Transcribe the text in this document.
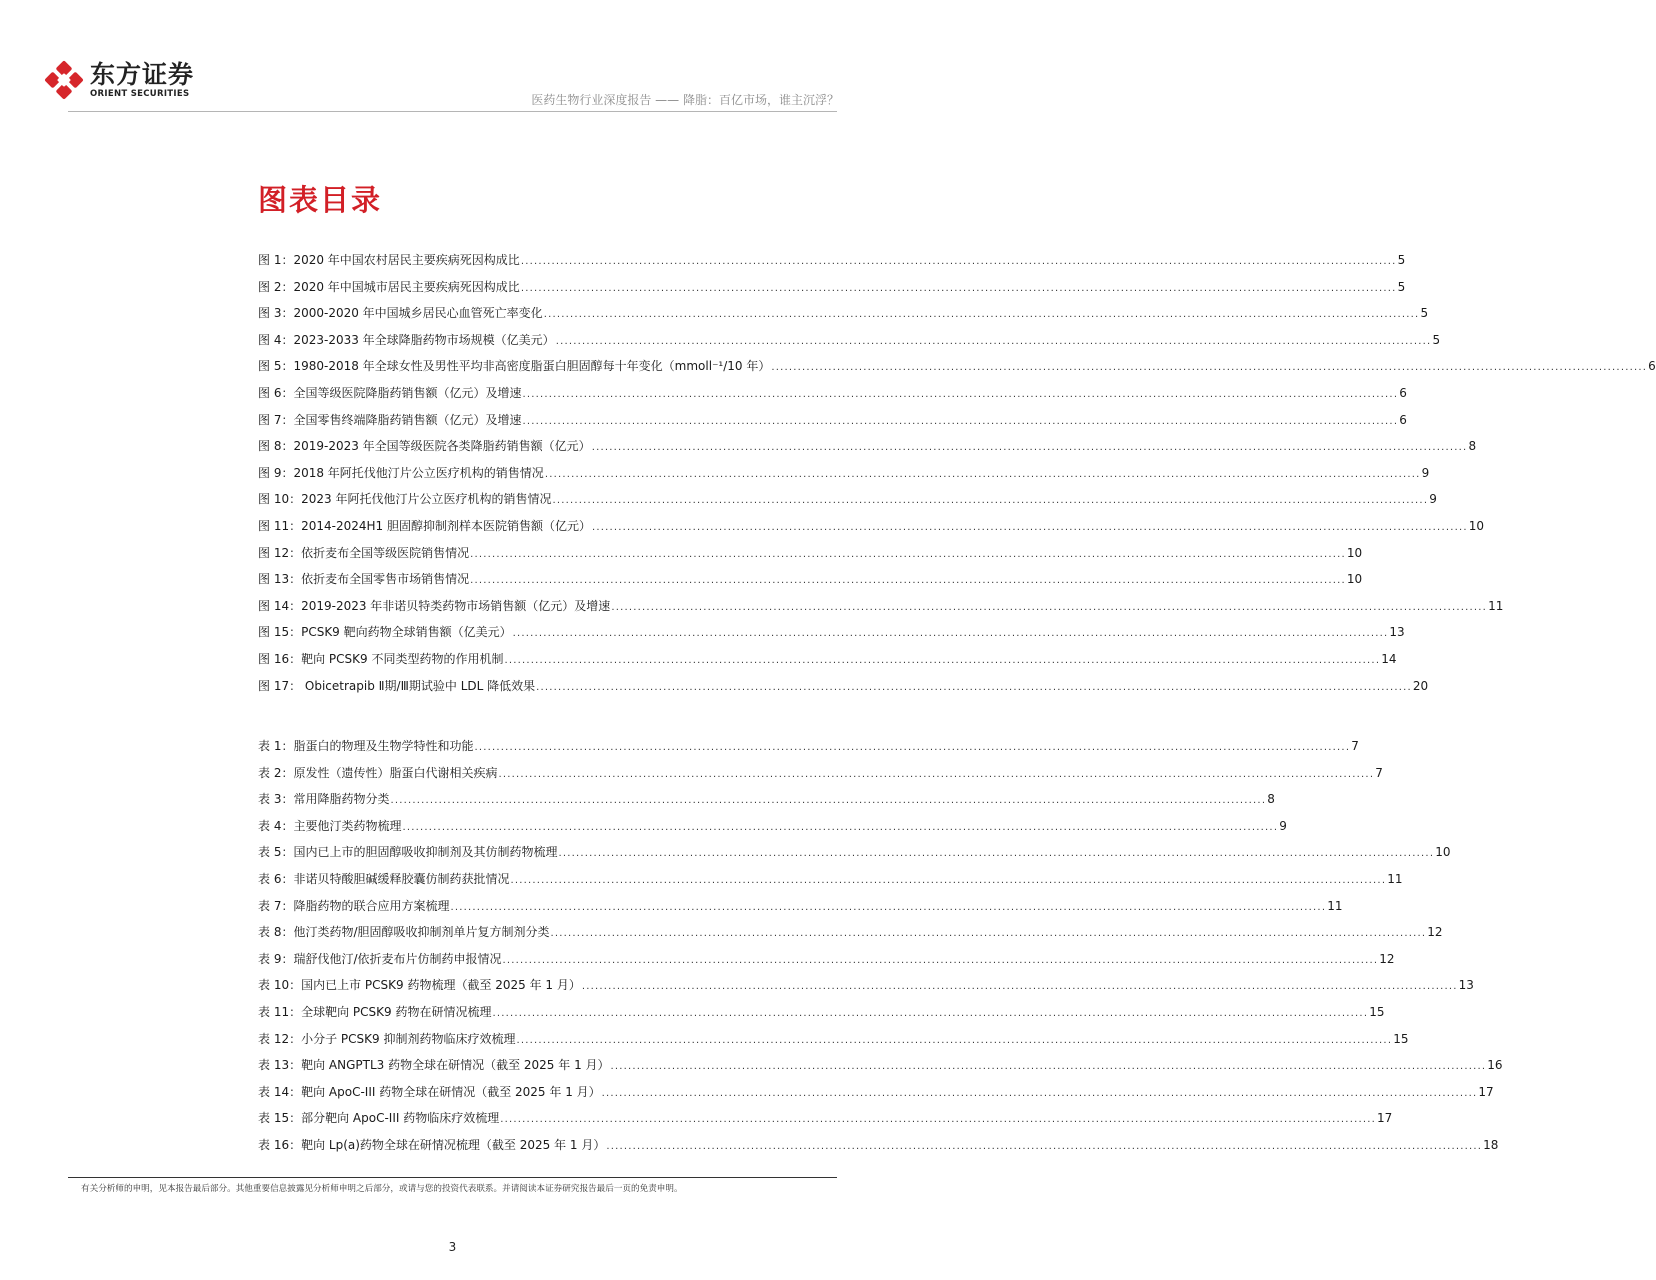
东方证券
ORIENT SECURITIES	医药生物行业深度报告 —— 降脂：百亿市场，谁主沉浮？
图表目录
图 1：2020 年中国农村居民主要疾病死因构成比 ........................................................................................................................................................................................................ 5
图 2：2020 年中国城市居民主要疾病死因构成比 ........................................................................................................................................................................................................ 5
图 3：2000-2020 年中国城乡居民心血管死亡率变化 ........................................................................................................................................................................................................ 5
图 4：2023-2033 年全球降脂药物市场规模（亿美元） ........................................................................................................................................................................................................ 5
图 5：1980-2018 年全球女性及男性平均非高密度脂蛋白胆固醇每十年变化（mmoll⁻¹/10 年） ........................................................................................................................................................................................................ 6
图 6：全国等级医院降脂药销售额（亿元）及增速 ........................................................................................................................................................................................................ 6
图 7：全国零售终端降脂药销售额（亿元）及增速 ........................................................................................................................................................................................................ 6
图 8：2019-2023 年全国等级医院各类降脂药销售额（亿元） ........................................................................................................................................................................................................ 8
图 9：2018 年阿托伐他汀片公立医疗机构的销售情况 ........................................................................................................................................................................................................ 9
图 10：2023 年阿托伐他汀片公立医疗机构的销售情况 ........................................................................................................................................................................................................ 9
图 11：2014-2024H1 胆固醇抑制剂样本医院销售额（亿元） ........................................................................................................................................................................................................ 10
图 12：依折麦布全国等级医院销售情况 ........................................................................................................................................................................................................ 10
图 13：依折麦布全国零售市场销售情况 ........................................................................................................................................................................................................ 10
图 14：2019-2023 年非诺贝特类药物市场销售额（亿元）及增速 ........................................................................................................................................................................................................ 11
图 15：PCSK9 靶向药物全球销售额（亿美元） ........................................................................................................................................................................................................ 13
图 16：靶向 PCSK9 不同类型药物的作用机制 ........................................................................................................................................................................................................ 14
图 17： Obicetrapib Ⅱ期/Ⅲ期试验中 LDL 降低效果 ........................................................................................................................................................................................................ 20
表 1：脂蛋白的物理及生物学特性和功能 ........................................................................................................................................................................................................ 7
表 2：原发性（遗传性）脂蛋白代谢相关疾病 ........................................................................................................................................................................................................ 7
表 3：常用降脂药物分类 ........................................................................................................................................................................................................ 8
表 4：主要他汀类药物梳理 ........................................................................................................................................................................................................ 9
表 5：国内已上市的胆固醇吸收抑制剂及其仿制药物梳理 ........................................................................................................................................................................................................ 10
表 6：非诺贝特酸胆碱缓释胶囊仿制药获批情况 ........................................................................................................................................................................................................ 11
表 7：降脂药物的联合应用方案梳理 ........................................................................................................................................................................................................ 11
表 8：他汀类药物/胆固醇吸收抑制剂单片复方制剂分类 ........................................................................................................................................................................................................ 12
表 9：瑞舒伐他汀/依折麦布片仿制药申报情况 ........................................................................................................................................................................................................ 12
表 10：国内已上市 PCSK9 药物梳理（截至 2025 年 1 月） ........................................................................................................................................................................................................ 13
表 11：全球靶向 PCSK9 药物在研情况梳理 ........................................................................................................................................................................................................ 15
表 12：小分子 PCSK9 抑制剂药物临床疗效梳理 ........................................................................................................................................................................................................ 15
表 13：靶向 ANGPTL3 药物全球在研情况（截至 2025 年 1 月） ........................................................................................................................................................................................................ 16
表 14：靶向 ApoC-III 药物全球在研情况（截至 2025 年 1 月） ........................................................................................................................................................................................................ 17
表 15：部分靶向 ApoC-III 药物临床疗效梳理 ........................................................................................................................................................................................................ 17
表 16：靶向 Lp(a)药物全球在研情况梳理（截至 2025 年 1 月） ........................................................................................................................................................................................................ 18
有关分析师的申明，见本报告最后部分。其他重要信息披露见分析师申明之后部分，或请与您的投资代表联系。并请阅读本证券研究报告最后一页的免责申明。
3
